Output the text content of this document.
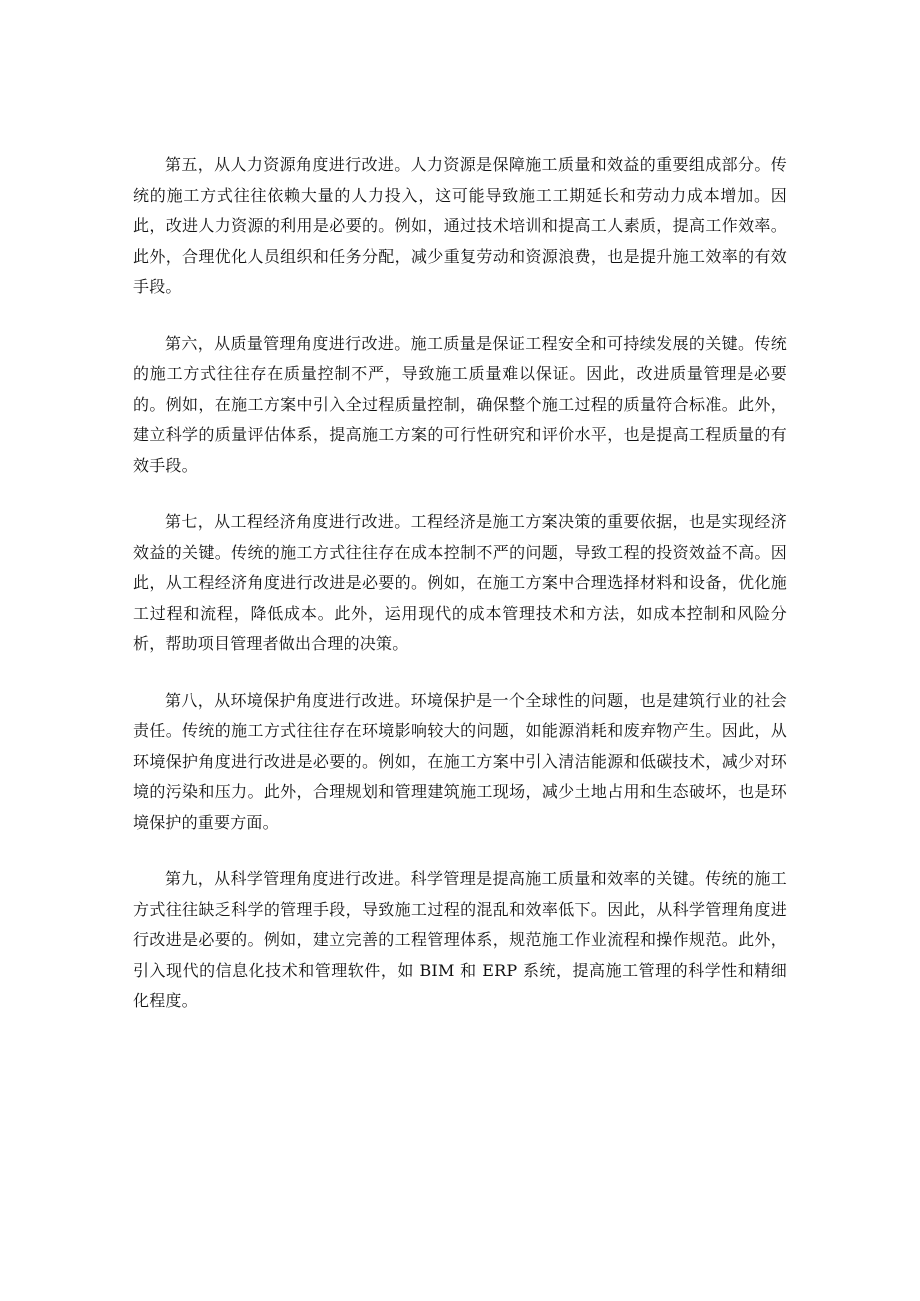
第五，从人力资源角度进行改进。人力资源是保障施工质量和效益的重要组成部分。传统的施工方式往往依赖大量的人力投入，这可能导致施工工期延长和劳动力成本增加。因此，改进人力资源的利用是必要的。例如，通过技术培训和提高工人素质，提高工作效率。此外，合理优化人员组织和任务分配，减少重复劳动和资源浪费，也是提升施工效率的有效手段。

第六，从质量管理角度进行改进。施工质量是保证工程安全和可持续发展的关键。传统的施工方式往往存在质量控制不严，导致施工质量难以保证。因此，改进质量管理是必要的。例如，在施工方案中引入全过程质量控制，确保整个施工过程的质量符合标准。此外，建立科学的质量评估体系，提高施工方案的可行性研究和评价水平，也是提高工程质量的有效手段。

第七，从工程经济角度进行改进。工程经济是施工方案决策的重要依据，也是实现经济效益的关键。传统的施工方式往往存在成本控制不严的问题，导致工程的投资效益不高。因此，从工程经济角度进行改进是必要的。例如，在施工方案中合理选择材料和设备，优化施工过程和流程，降低成本。此外，运用现代的成本管理技术和方法，如成本控制和风险分析，帮助项目管理者做出合理的决策。

第八，从环境保护角度进行改进。环境保护是一个全球性的问题，也是建筑行业的社会责任。传统的施工方式往往存在环境影响较大的问题，如能源消耗和废弃物产生。因此，从环境保护角度进行改进是必要的。例如，在施工方案中引入清洁能源和低碳技术，减少对环境的污染和压力。此外，合理规划和管理建筑施工现场，减少土地占用和生态破坏，也是环境保护的重要方面。

第九，从科学管理角度进行改进。科学管理是提高施工质量和效率的关键。传统的施工方式往往缺乏科学的管理手段，导致施工过程的混乱和效率低下。因此，从科学管理角度进行改进是必要的。例如，建立完善的工程管理体系，规范施工作业流程和操作规范。此外，引入现代的信息化技术和管理软件，如 BIM 和 ERP 系统，提高施工管理的科学性和精细化程度。
